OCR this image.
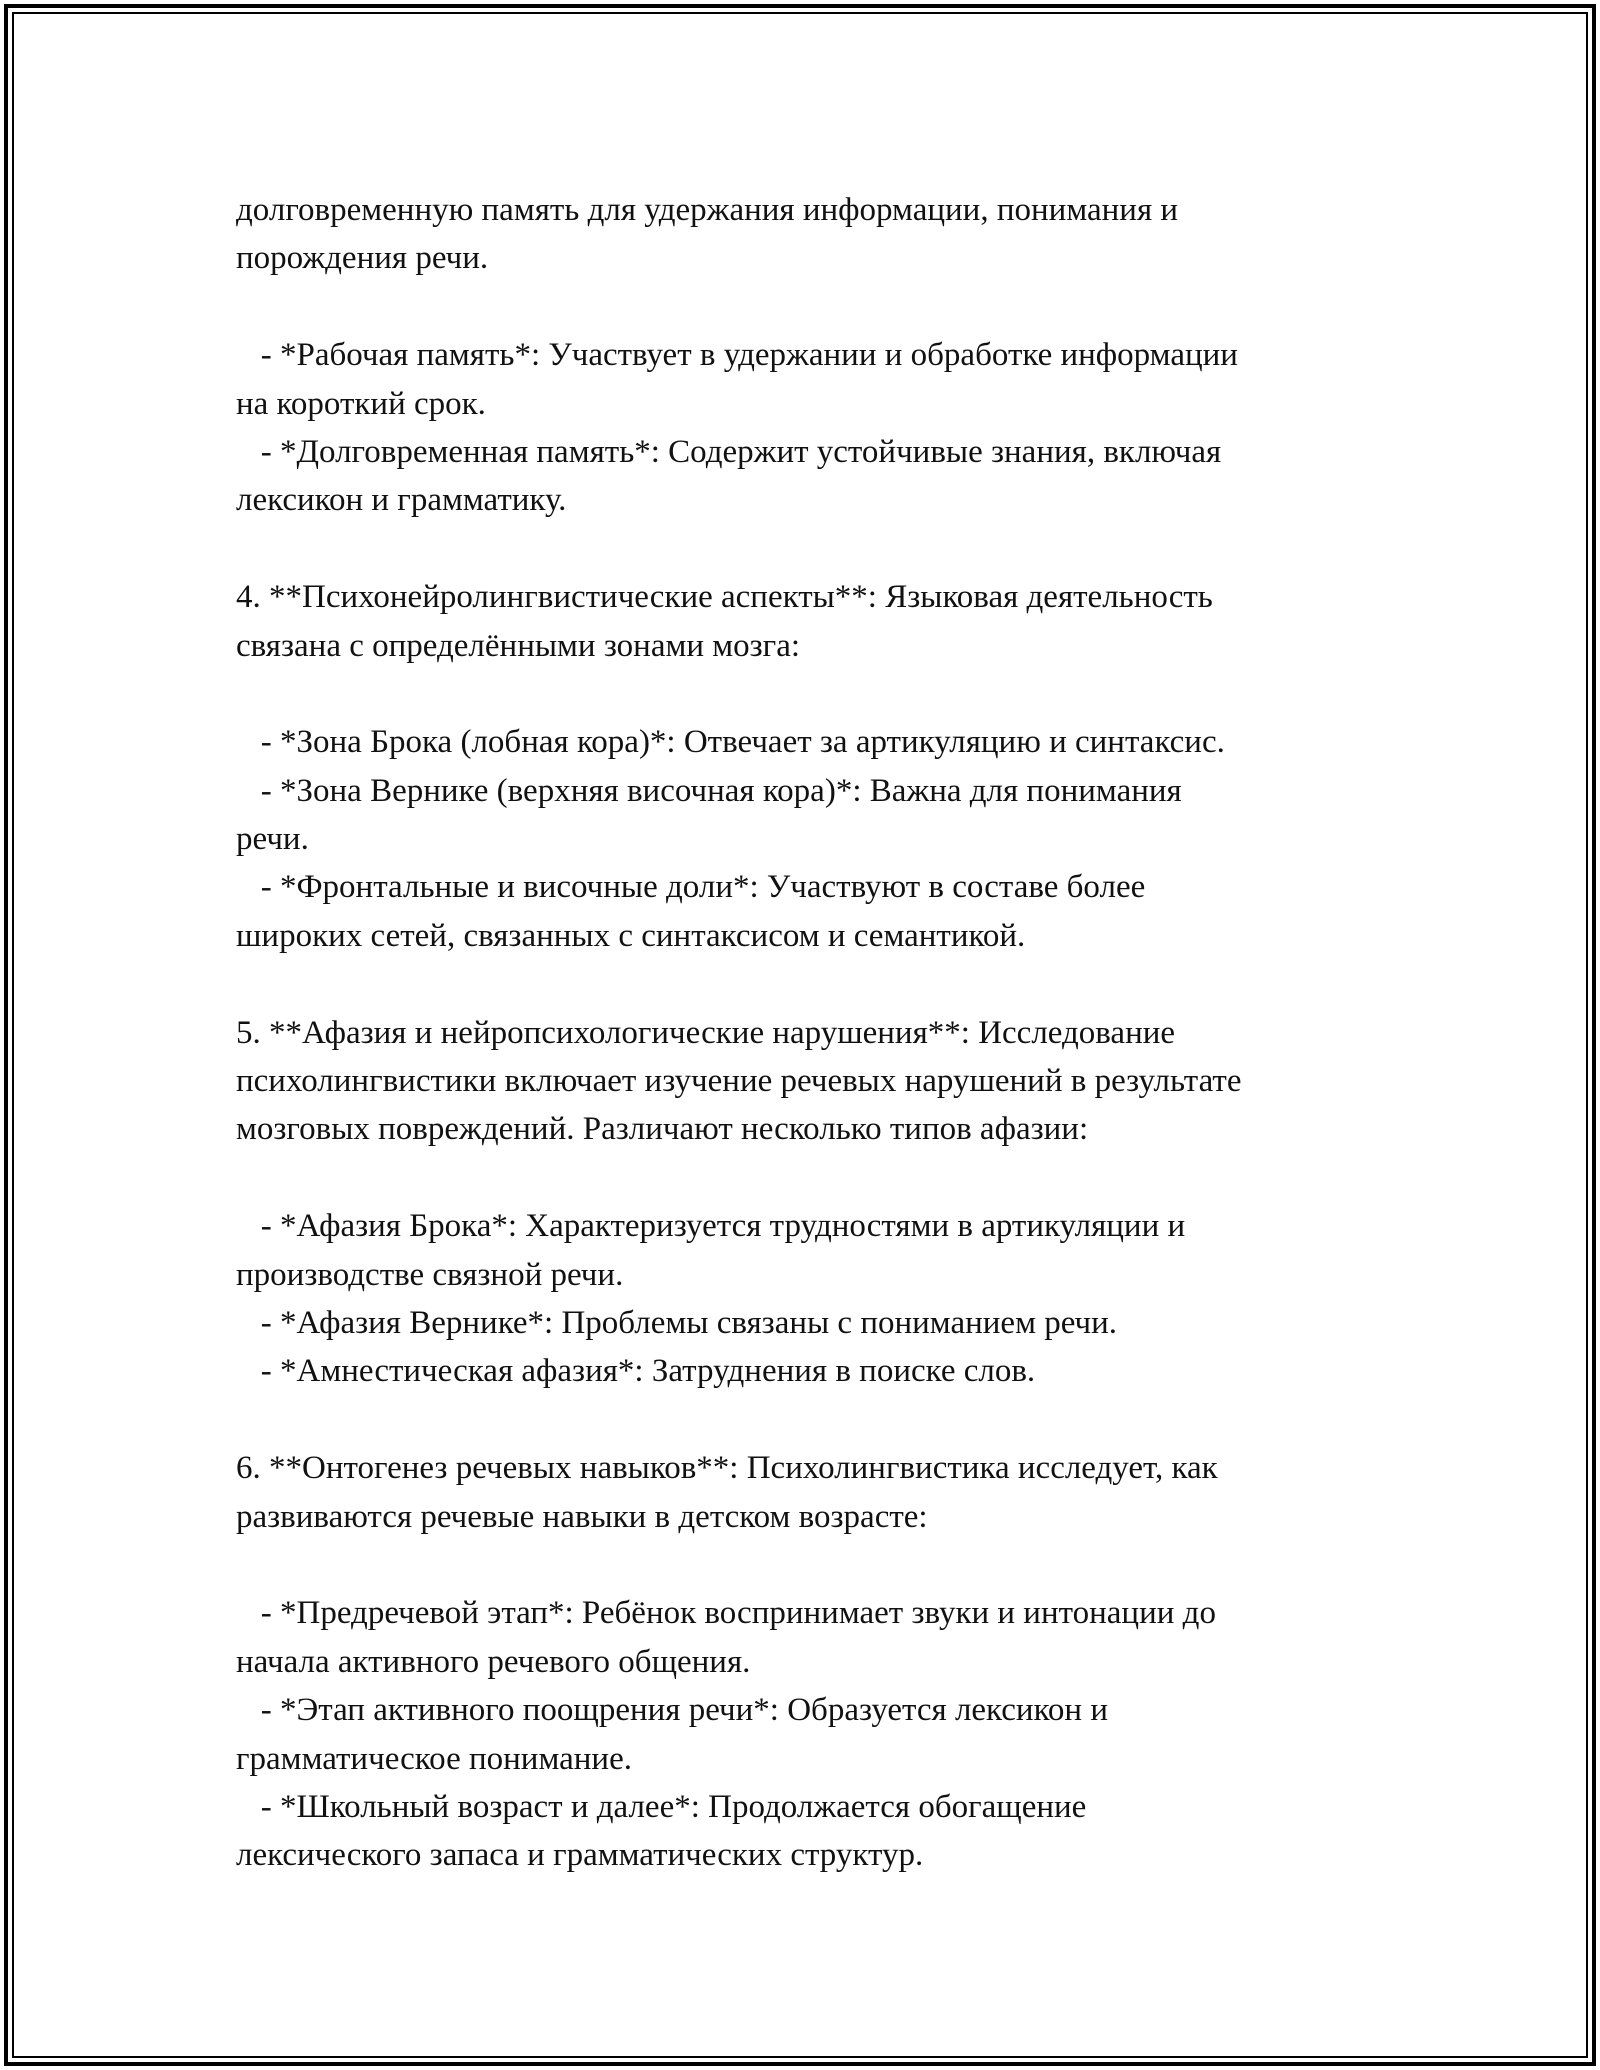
долговременную память для удержания информации, понимания и
порождения речи.
- *Рабочая память*: Участвует в удержании и обработке информации
на короткий срок.
- *Долговременная память*: Содержит устойчивые знания, включая
лексикон и грамматику.
4. **Психонейролингвистические аспекты**: Языковая деятельность
связана с определёнными зонами мозга:
- *Зона Брока (лобная кора)*: Отвечает за артикуляцию и синтаксис.
- *Зона Вернике (верхняя височная кора)*: Важна для понимания
речи.
- *Фронтальные и височные доли*: Участвуют в составе более
широких сетей, связанных с синтаксисом и семантикой.
5. **Афазия и нейропсихологические нарушения**: Исследование
психолингвистики включает изучение речевых нарушений в результате
мозговых повреждений. Различают несколько типов афазии:
- *Афазия Брока*: Характеризуется трудностями в артикуляции и
производстве связной речи.
- *Афазия Вернике*: Проблемы связаны с пониманием речи.
- *Амнестическая афазия*: Затруднения в поиске слов.
6. **Онтогенез речевых навыков**: Психолингвистика исследует, как
развиваются речевые навыки в детском возрасте:
- *Предречевой этап*: Ребёнок воспринимает звуки и интонации до
начала активного речевого общения.
- *Этап активного поощрения речи*: Образуется лексикон и
грамматическое понимание.
- *Школьный возраст и далее*: Продолжается обогащение
лексического запаса и грамматических структур.
